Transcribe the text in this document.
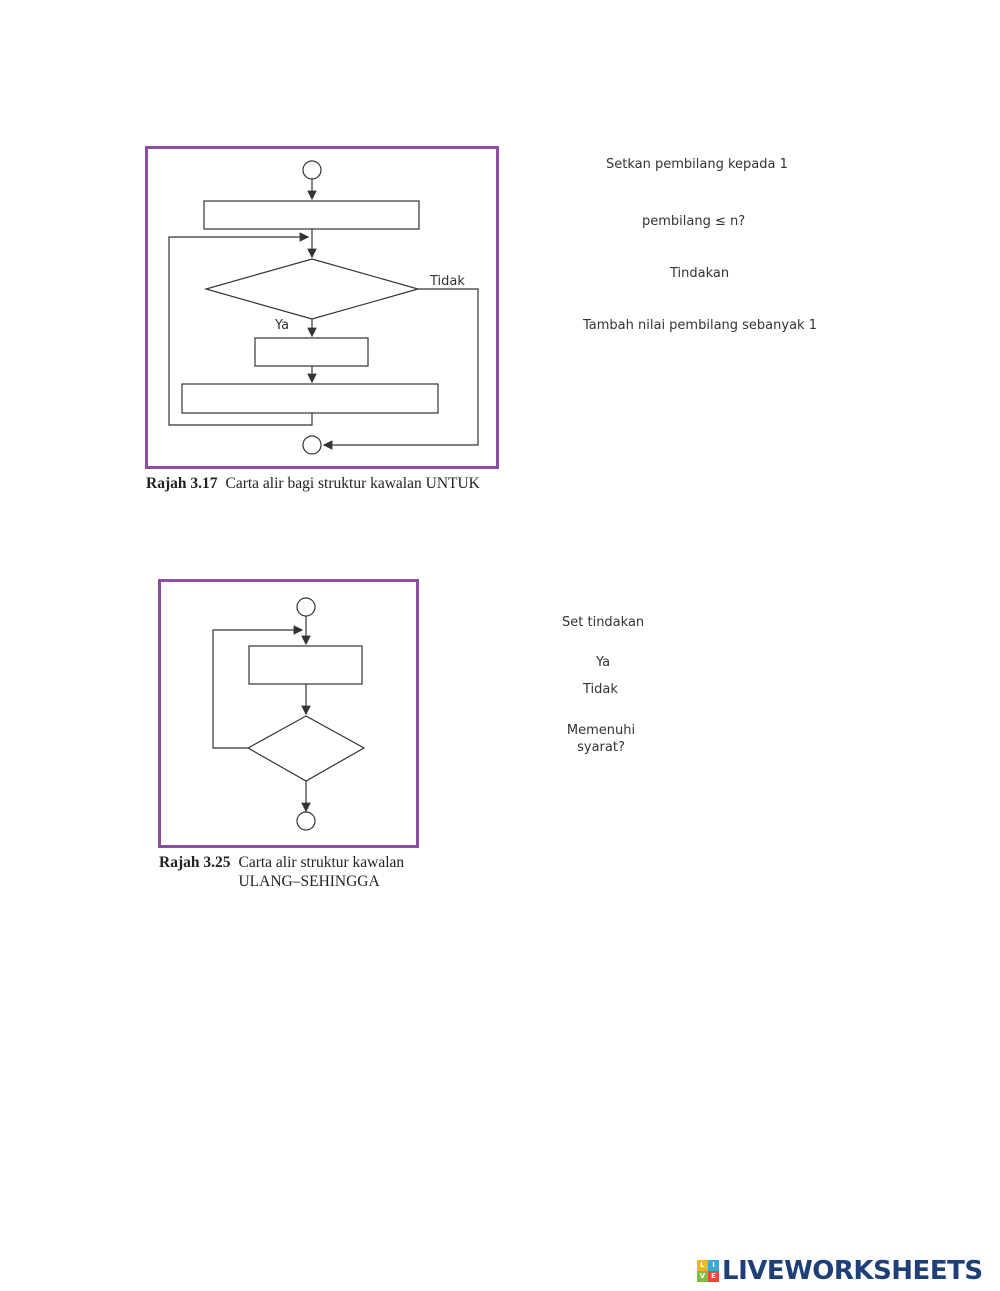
Tidak
Ya
Rajah 3.17 Carta alir bagi struktur kawalan UNTUK
Setkan pembilang kepada 1
pembilang ≤ n?
Tindakan
Tambah nilai pembilang sebanyak 1
Rajah 3.25 Carta alir struktur kawalan
ULANG–SEHINGGA
Set tindakan
Ya
Tidak
Memenuhi
syarat?
L	I
V E LIVEWORKSHEETS
